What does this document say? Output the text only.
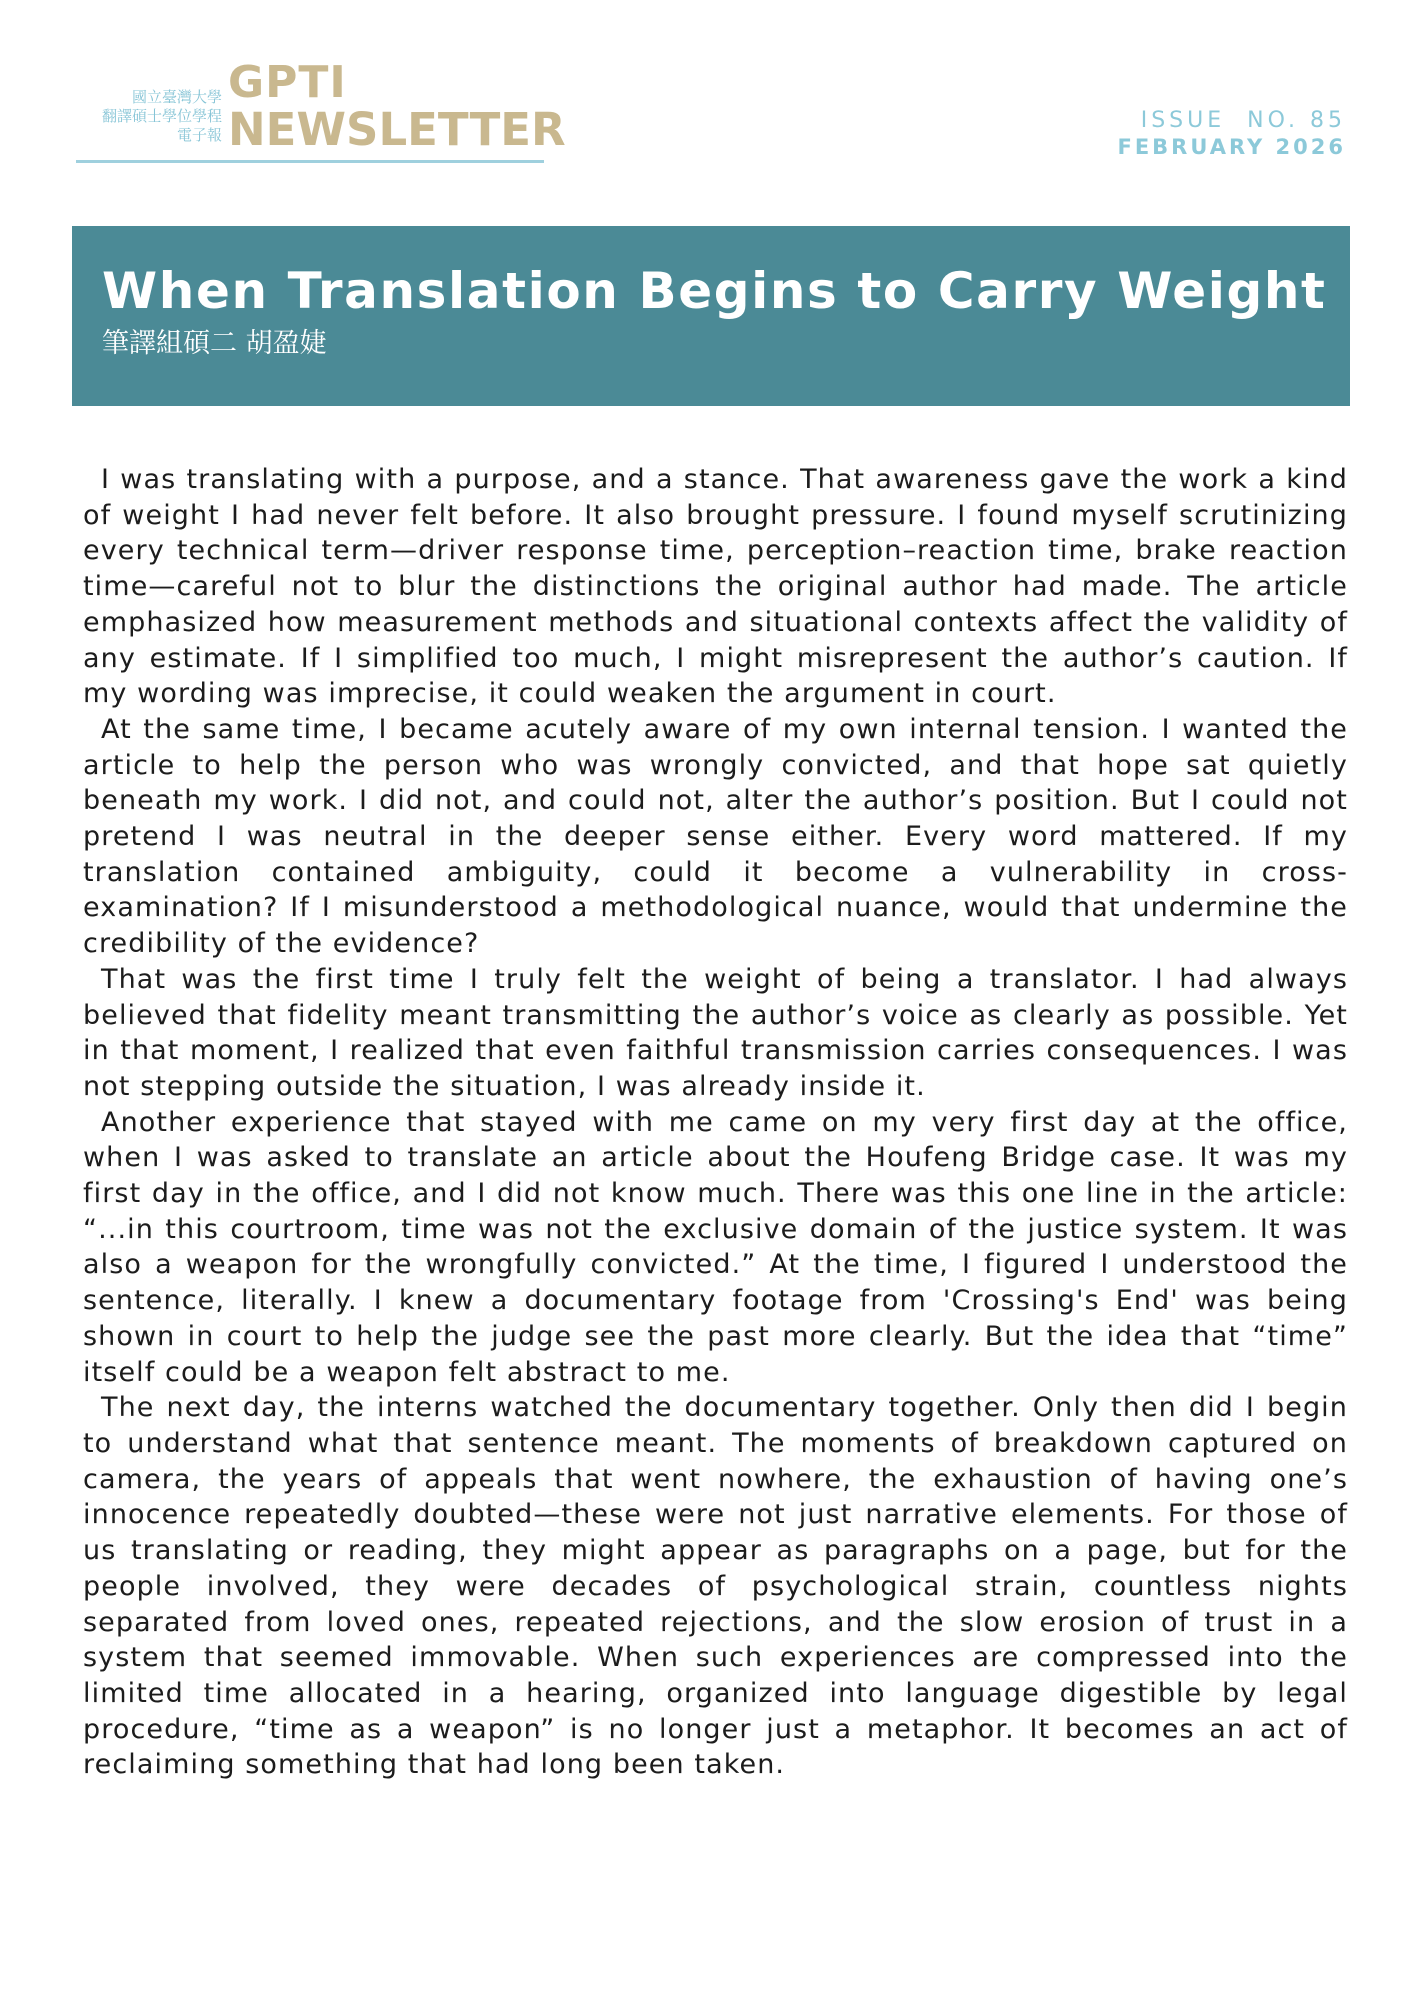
國立臺灣大學
翻譯碩士學位學程
電子報
GPTI
NEWSLETTER	ISSUE  NO. 85
FEBRUARY 2026
When Translation Begins to Carry Weight
筆譯組碩二 胡盈婕

I was translating with a purpose, and a stance. That awareness gave the work a kind of weight I had never felt before. It also brought pressure. I found myself scrutinizing every technical term—driver response time, perception–reaction time, brake reaction time—careful not to blur the distinctions the original author had made. The article emphasized how measurement methods and situational contexts affect the validity of any estimate. If I simplified too much, I might misrepresent the author’s caution. If my wording was imprecise, it could weaken the argument in court.

At the same time, I became acutely aware of my own internal tension. I wanted the article to help the person who was wrongly convicted, and that hope sat quietly beneath my work. I did not, and could not, alter the author’s position. But I could not pretend I was neutral in the deeper sense either. Every word mattered. If my translation contained ambiguity, could it become a vulnerability in cross-examination? If I misunderstood a methodological nuance, would that undermine the credibility of the evidence?

That was the first time I truly felt the weight of being a translator. I had always believed that fidelity meant transmitting the author’s voice as clearly as possible. Yet in that moment, I realized that even faithful transmission carries consequences. I was not stepping outside the situation, I was already inside it.

Another experience that stayed with me came on my very first day at the office, when I was asked to translate an article about the Houfeng Bridge case. It was my first day in the office, and I did not know much. There was this one line in the article: “...in this courtroom, time was not the exclusive domain of the justice system. It was also a weapon for the wrongfully convicted.” At the time, I figured I understood the sentence, literally. I knew a documentary footage from 'Crossing's End' was being shown in court to help the judge see the past more clearly. But the idea that “time” itself could be a weapon felt abstract to me.

The next day, the interns watched the documentary together. Only then did I begin to understand what that sentence meant. The moments of breakdown captured on camera, the years of appeals that went nowhere, the exhaustion of having one’s innocence repeatedly doubted—these were not just narrative elements. For those of us translating or reading, they might appear as paragraphs on a page, but for the people involved, they were decades of psychological strain, countless nights separated from loved ones, repeated rejections, and the slow erosion of trust in a system that seemed immovable. When such experiences are compressed into the limited time allocated in a hearing, organized into language digestible by legal procedure, “time as a weapon” is no longer just a metaphor. It becomes an act of reclaiming something that had long been taken.
